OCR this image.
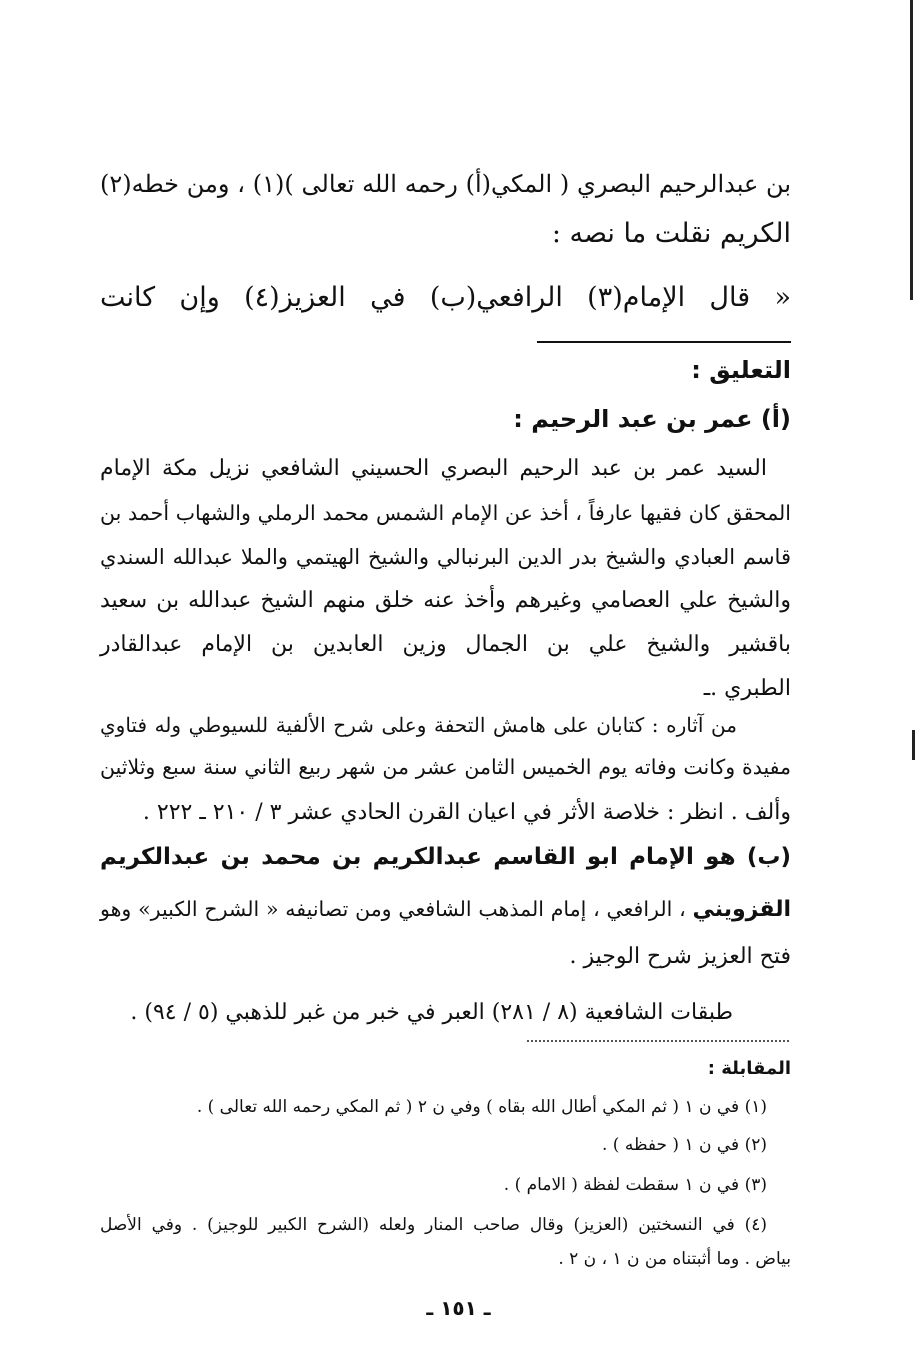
بن عبدالرحيم البصري ( المكي(أ) رحمه الله تعالى )(١) ، ومن خطه(٢)
الكريم نقلت ما نصه :
« قال الإمام(٣) الرافعي(ب) في العزيز(٤) وإن كانت
التعليق :
(أ) عمر بن عبد الرحيم :
السيد عمر بن عبد الرحيم البصري الحسيني الشافعي نزيل مكة الإمام
المحقق كان فقيها عارفاً ، أخذ عن الإمام الشمس محمد الرملي والشهاب أحمد بن
قاسم العبادي والشيخ بدر الدين البرنبالي والشيخ الهيتمي والملا عبدالله السندي
والشيخ علي العصامي وغيرهم وأخذ عنه خلق منهم الشيخ عبدالله بن سعيد
باقشير والشيخ علي بن الجمال وزين العابدين بن الإمام عبدالقادر
الطبري .ـ
من آثاره : كتابان على هامش التحفة وعلى شرح الألفية للسيوطي وله فتاوي
مفيدة وكانت وفاته يوم الخميس الثامن عشر من شهر ربيع الثاني سنة سبع وثلاثين
وألف . انظر : خلاصة الأثر في اعيان القرن الحادي عشر ٣ / ٢١٠ ـ ٢٢٢ .
(ب) هو الإمام ابو القاسم عبدالكريم بن محمد بن عبدالكريم
القزويني ، الرافعي ، إمام المذهب الشافعي ومن تصانيفه « الشرح الكبير» وهو
فتح العزيز شرح الوجيز .
طبقات الشافعية (٨ / ٢٨١) العبر في خبر من غبر للذهبي (٥ / ٩٤) .
المقابلة :
(١) في ن ١ ( ثم المكي أطال الله بقاه ) وفي ن ٢ ( ثم المكي رحمه الله تعالى ) .
(٢) في ن ١ ( حفظه ) .
(٣) في ن ١ سقطت لفظة ( الامام ) .
(٤) في النسختين (العزيز) وقال صاحب المنار ولعله (الشرح الكبير للوجيز) . وفي الأصل
بياض . وما أثبتناه من ن ١ ، ن ٢ .
ـ ١٥١ ـ
